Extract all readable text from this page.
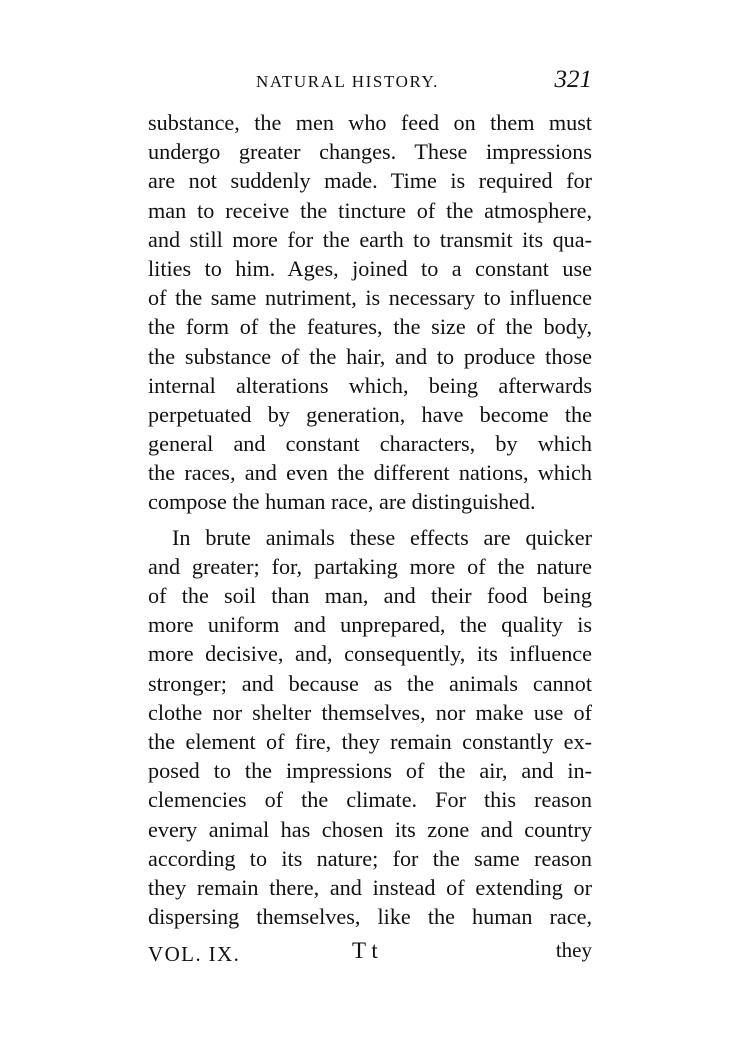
NATURAL HISTORY.	321
substance, the men who feed on them must
undergo greater changes. These impressions
are not suddenly made. Time is required for
man to receive the tincture of the atmosphere,
and still more for the earth to transmit its qua-
lities to him. Ages, joined to a constant use
of the same nutriment, is necessary to influence
the form of the features, the size of the body,
the substance of the hair, and to produce those
internal alterations which, being afterwards
perpetuated by generation, have become the
general and constant characters, by which
the races, and even the different nations, which
compose the human race, are distinguished.
In brute animals these effects are quicker
and greater; for, partaking more of the nature
of the soil than man, and their food being
more uniform and unprepared, the quality is
more decisive, and, consequently, its influence
stronger; and because as the animals cannot
clothe nor shelter themselves, nor make use of
the element of fire, they remain constantly ex-
posed to the impressions of the air, and in-
clemencies of the climate. For this reason
every animal has chosen its zone and country
according to its nature; for the same reason
they remain there, and instead of extending or
dispersing themselves, like the human race,
VOL. IX.	T t	they
